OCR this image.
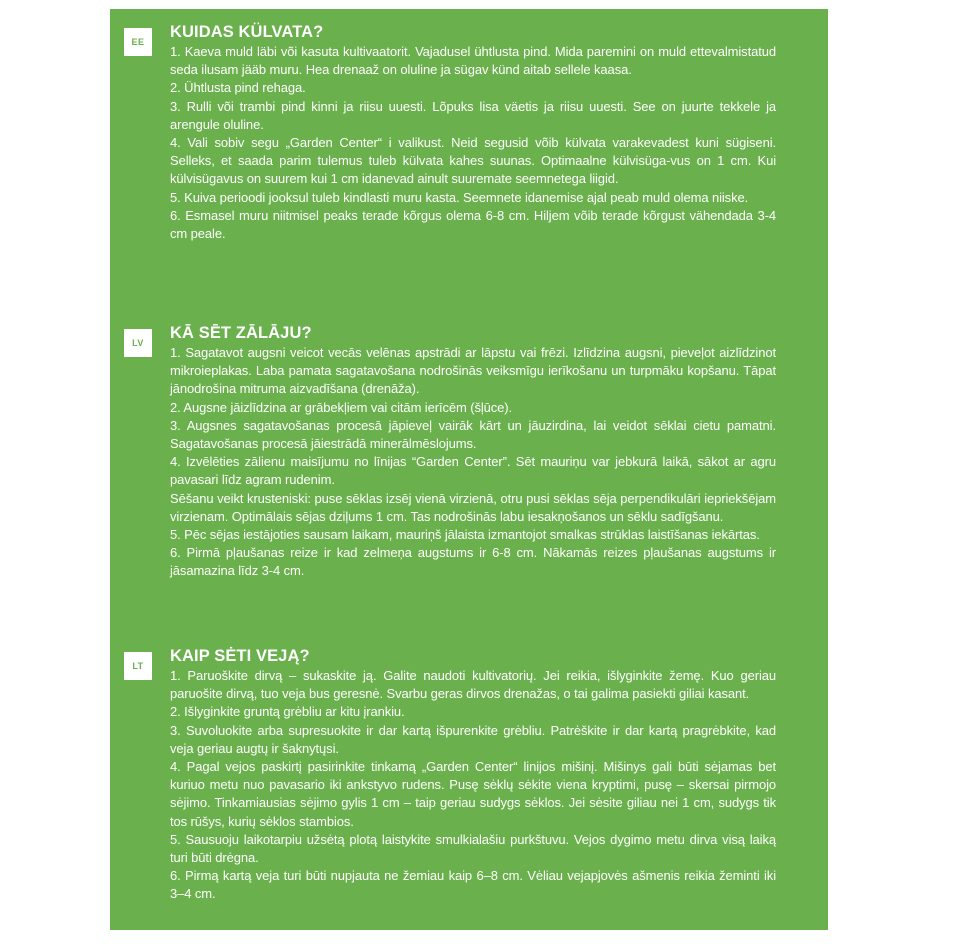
EE
KUIDAS KÜLVATA?

1. Kaeva muld läbi või kasuta kultivaatorit. Vajadusel ühtlusta pind. Mida paremini on muld ettevalmistatud seda ilusam jääb muru. Hea drenaaž on oluline ja sügav künd aitab sellele kaasa.

2. Ühtlusta pind rehaga.

3. Rulli või trambi pind kinni ja riisu uuesti. Lõpuks lisa väetis ja riisu uuesti. See on juurte tekkele ja arengule oluline.

4. Vali sobiv segu „Garden Center“ i valikust. Neid segusid võib külvata varakevadest kuni sügiseni. Selleks, et saada parim tulemus tuleb külvata kahes suunas. Optimaalne külvisüga-vus on 1 cm. Kui külvisügavus on suurem kui 1 cm idanevad ainult suuremate seemnetega liigid.

5. Kuiva perioodi jooksul tuleb kindlasti muru kasta. Seemnete idanemise ajal peab muld olema niiske.

6. Esmasel muru niitmisel peaks terade kõrgus olema 6-8 cm. Hiljem võib terade kõrgust vähendada 3-4 cm peale.

LV
KĀ SĒT ZĀLĀJU?

1. Sagatavot augsni veicot vecās velēnas apstrādi ar lāpstu vai frēzi. Izlīdzina augsni, pieveļot aizlīdzinot mikroieplakas. Laba pamata sagatavošana nodrošinās veiksmīgu ierīkošanu un turpmāku kopšanu. Tāpat jānodrošina mitruma aizvadīšana (drenāža).

2. Augsne jāizlīdzina ar grābekļiem vai citām ierīcēm (šļūce).

3. Augsnes sagatavošanas procesā jāpieveļ vairāk kārt un jāuzirdina, lai veidot sēklai cietu pamatni. Sagatavošanas procesā jāiestrādā minerālmēslojums.

4. Izvēlēties zālienu maisījumu no līnijas “Garden Center”. Sēt mauriņu var jebkurā laikā, sākot ar agru pavasari līdz agram rudenim.

Sēšanu veikt krusteniski: puse sēklas izsēj vienā virzienā, otru pusi sēklas sēja perpendikulāri iepriekšējam virzienam. Optimālais sējas dziļums 1 cm. Tas nodrošinās labu iesakņošanos un sēklu sadīgšanu.

5. Pēc sējas iestājoties sausam laikam, mauriņš jālaista izmantojot smalkas strūklas laistīšanas iekārtas.

6. Pirmā pļaušanas reize ir kad zelmeņa augstums ir 6-8 cm. Nākamās reizes pļaušanas augstums ir jāsamazina līdz 3-4 cm.

LT
KAIP SĖTI VEJĄ?

1. Paruoškite dirvą – sukaskite ją. Galite naudoti kultivatorių. Jei reikia, išlyginkite žemę. Kuo geriau paruošite dirvą, tuo veja bus geresnė. Svarbu geras dirvos drenažas, o tai galima pasiekti giliai kasant.

2. Išlyginkite gruntą grėbliu ar kitu įrankiu.

3. Suvoluokite arba supresuokite ir dar kartą išpurenkite grėbliu. Patrėškite ir dar kartą pragrėbkite, kad veja geriau augtų ir šaknytųsi.

4. Pagal vejos paskirtį pasirinkite tinkamą „Garden Center“ linijos mišinį. Mišinys gali būti sėjamas bet kuriuo metu nuo pavasario iki ankstyvo rudens. Pusę sėklų sėkite viena kryptimi, pusę – skersai pirmojo sėjimo. Tinkamiausias sėjimo gylis 1 cm – taip geriau sudygs sėklos. Jei sėsite giliau nei 1 cm, sudygs tik tos rūšys, kurių sėklos stambios.

5. Sausuoju laikotarpiu užsėtą plotą laistykite smulkialašiu purkštuvu. Vejos dygimo metu dirva visą laiką turi būti drėgna.

6. Pirmą kartą veja turi būti nupjauta ne žemiau kaip 6–8 cm. Vėliau vejapjovės ašmenis reikia žeminti iki 3–4 cm.
